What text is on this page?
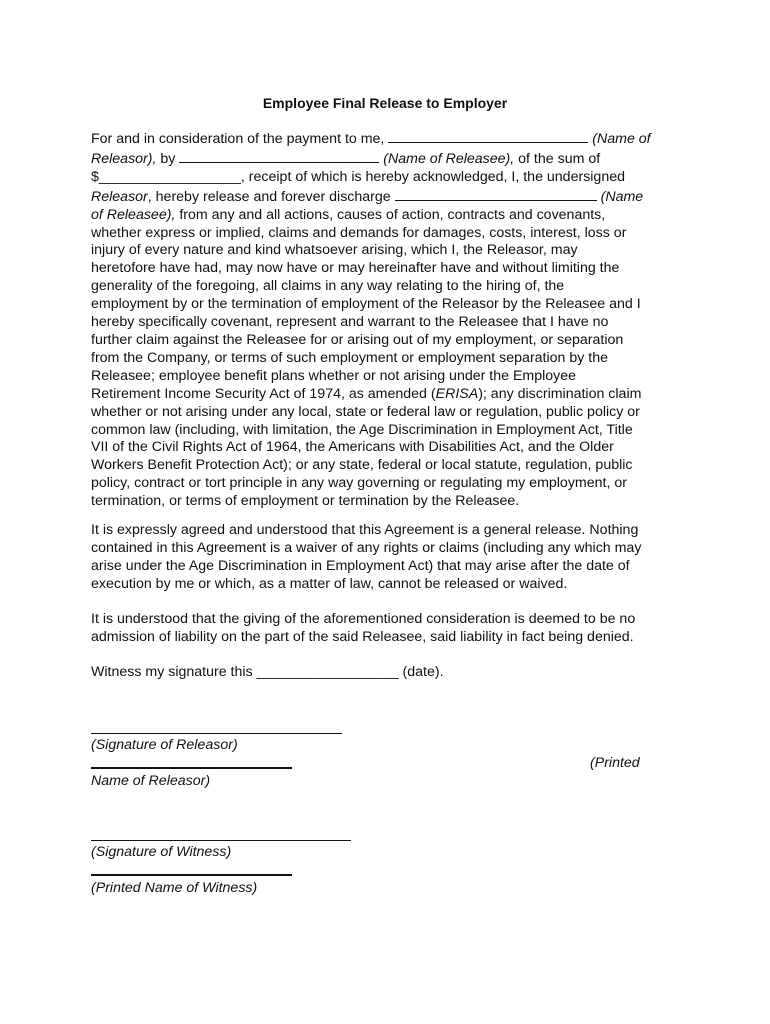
Employee Final Release to Employer
For and in consideration of the payment to me,	(Name of
Releasor), by	(Name of Releasee), of the sum of
$__________________, receipt of which is hereby acknowledged, I, the undersigned
Releasor, hereby release and forever discharge	(Name
of Releasee), from any and all actions, causes of action, contracts and covenants,
whether express or implied, claims and demands for damages, costs, interest, loss or
injury of every nature and kind whatsoever arising, which I, the Releasor, may
heretofore have had, may now have or may hereinafter have and without limiting the
generality of the foregoing, all claims in any way relating to the hiring of, the
employment by or the termination of employment of the Releasor by the Releasee and I
hereby specifically covenant, represent and warrant to the Releasee that I have no
further claim against the Releasee for or arising out of my employment, or separation
from the Company, or terms of such employment or employment separation by the
Releasee; employee benefit plans whether or not arising under the Employee
Retirement Income Security Act of 1974, as amended (ERISA); any discrimination claim
whether or not arising under any local, state or federal law or regulation, public policy or
common law (including, with limitation, the Age Discrimination in Employment Act, Title
VII of the Civil Rights Act of 1964, the Americans with Disabilities Act, and the Older
Workers Benefit Protection Act); or any state, federal or local statute, regulation, public
policy, contract or tort principle in any way governing or regulating my employment, or
termination, or terms of employment or termination by the Releasee.
It is expressly agreed and understood that this Agreement is a general release. Nothing
contained in this Agreement is a waiver of any rights or claims (including any which may
arise under the Age Discrimination in Employment Act) that may arise after the date of
execution by me or which, as a matter of law, cannot be released or waived.
It is understood that the giving of the aforementioned consideration is deemed to be no
admission of liability on the part of the said Releasee, said liability in fact being denied.
Witness my signature this __________________ (date).
(Signature of Releasor)
(Printed
Name of Releasor)
(Signature of Witness)
(Printed Name of Witness)
